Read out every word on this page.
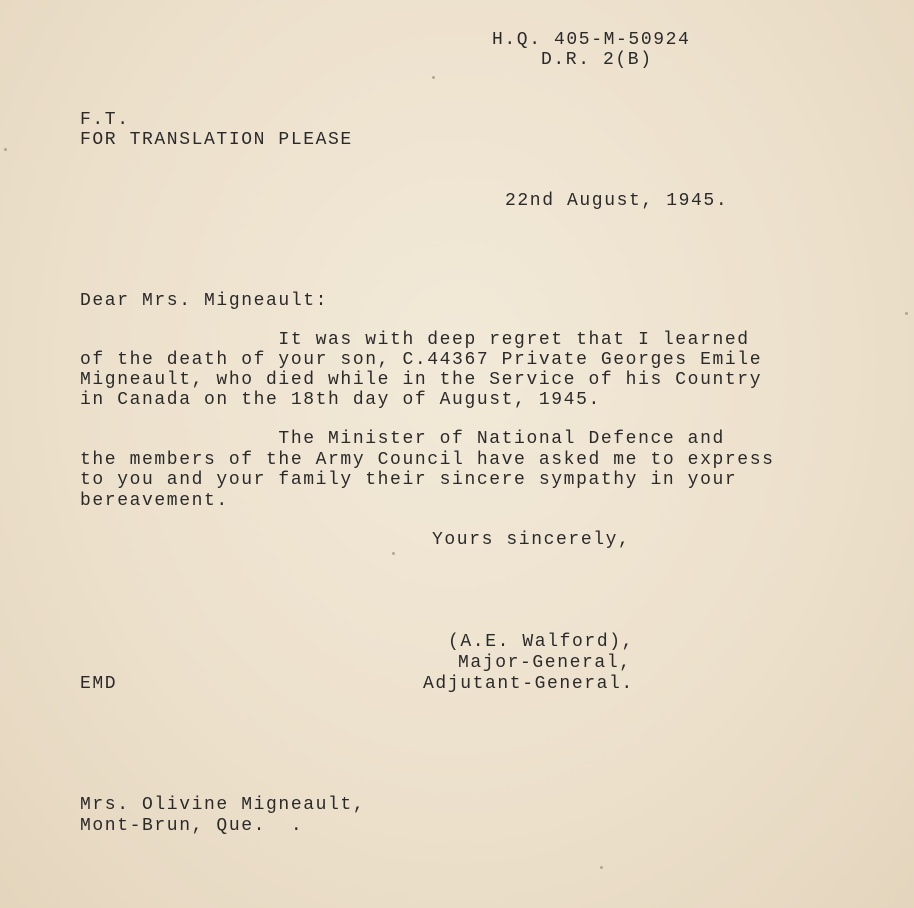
H.Q. 405-M-50924
D.R. 2(B)
F.T.
FOR TRANSLATION PLEASE
22nd August, 1945.
Dear Mrs. Migneault:
It was with deep regret that I learned
of the death of your son, C.44367 Private Georges Emile
Migneault, who died while in the Service of his Country
in Canada on the 18th day of August, 1945.
The Minister of National Defence and
the members of the Army Council have asked me to express
to you and your family their sincere sympathy in your
bereavement.
Yours sincerely,
(A.E. Walford),
Major-General,
Adjutant-General.
EMD
Mrs. Olivine Migneault,
Mont-Brun, Que.  .
